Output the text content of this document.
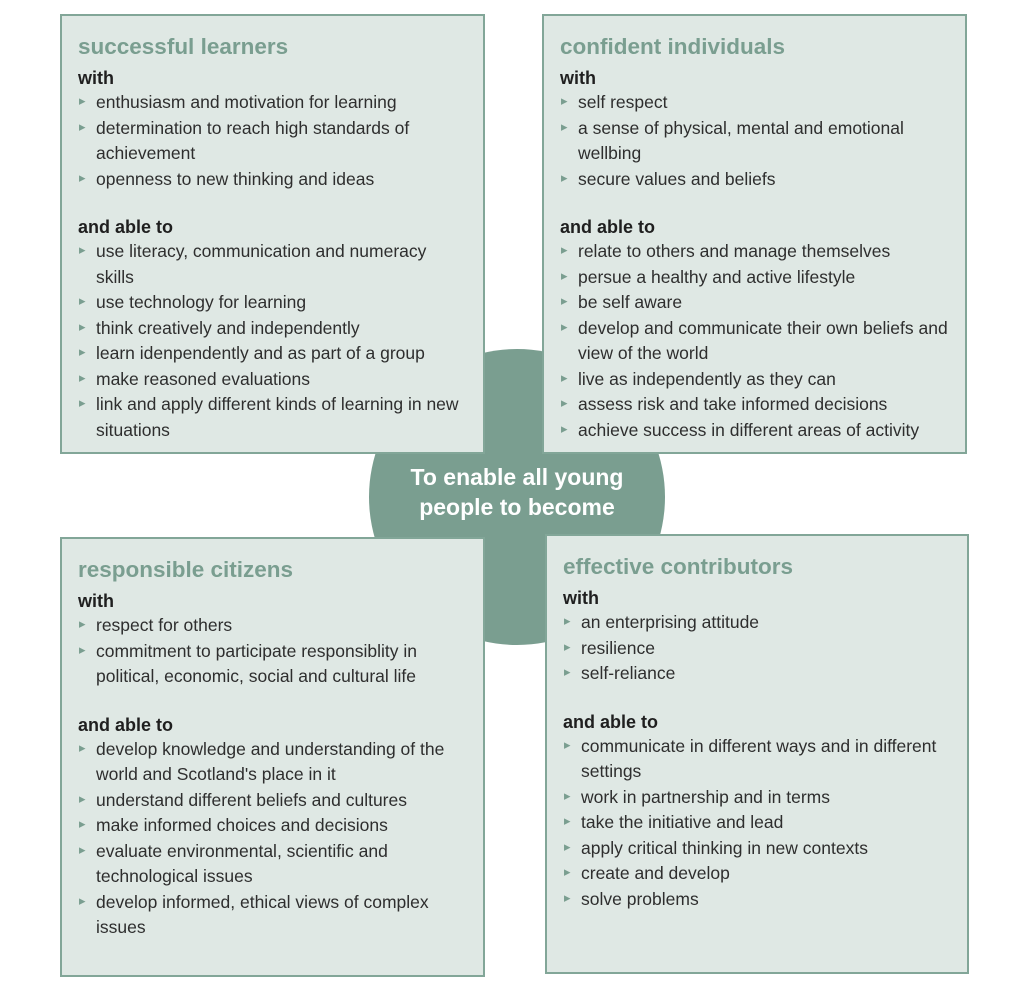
To enable all young
people to become
successful learners
with
▸ enthusiasm and motivation for learning
▸ determination to reach high standards of achievement
▸ openness to new thinking and ideas
and able to
▸ use literacy, communication and numeracy skills
▸ use technology for learning
▸ think creatively and independently
▸ learn idenpendently and as part of a group
▸ make reasoned evaluations
▸ link and apply different kinds of learning in new situations
confident individuals
with
▸ self respect
▸ a sense of physical, mental and emotional wellbing
▸ secure values and beliefs
and able to
▸ relate to others and manage themselves
▸ persue a healthy and active lifestyle
▸ be self aware
▸ develop and communicate their own beliefs and view of the world
▸ live as independently as they can
▸ assess risk and take informed decisions
▸ achieve success in different areas of activity
responsible citizens
with
▸ respect for others
▸ commitment to participate responsiblity in political, economic, social and cultural life
and able to
▸ develop knowledge and understanding of the world and Scotland's place in it
▸ understand different beliefs and cultures
▸ make informed choices and decisions
▸ evaluate environmental, scientific and technological issues
▸ develop informed, ethical views of complex issues
effective contributors
with
▸ an enterprising attitude
▸ resilience
▸ self-reliance
and able to
▸ communicate in different ways and in different settings
▸ work in partnership and in terms
▸ take the initiative and lead
▸ apply critical thinking in new contexts
▸ create and develop
▸ solve problems
